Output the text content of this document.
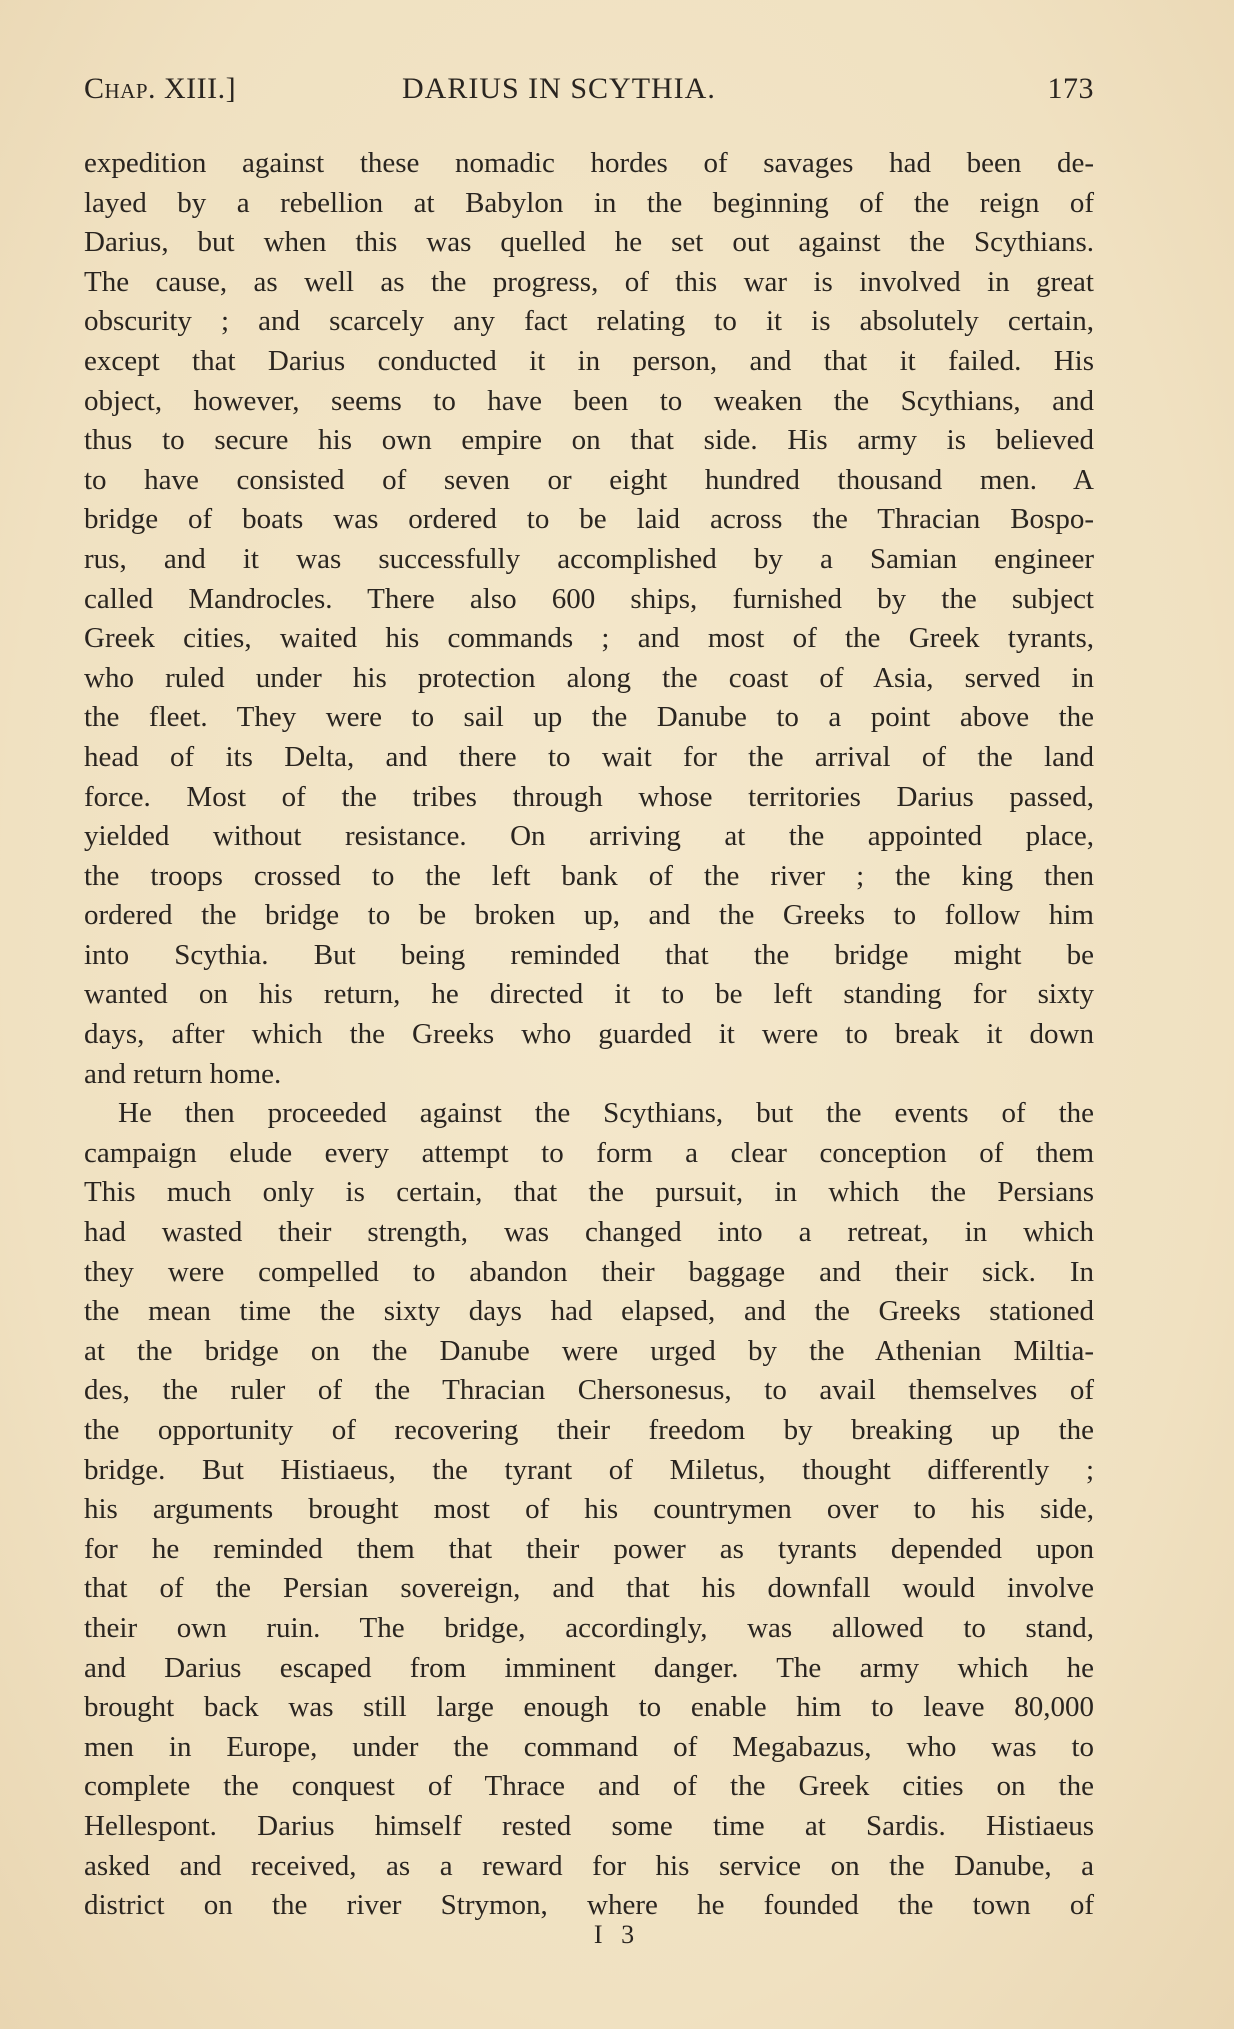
Chap. XIII.]	DARIUS IN SCYTHIA.	173
expedition against these nomadic hordes of savages had been de-
layed by a rebellion at Babylon in the beginning of the reign of
Darius, but when this was quelled he set out against the Scythians.
The cause, as well as the progress, of this war is involved in great
obscurity ; and scarcely any fact relating to it is absolutely certain,
except that Darius conducted it in person, and that it failed. His
object, however, seems to have been to weaken the Scythians, and
thus to secure his own empire on that side. His army is believed
to have consisted of seven or eight hundred thousand men. A
bridge of boats was ordered to be laid across the Thracian Bospo-
rus, and it was successfully accomplished by a Samian engineer
called Mandrocles. There also 600 ships, furnished by the subject
Greek cities, waited his commands ; and most of the Greek tyrants,
who ruled under his protection along the coast of Asia, served in
the fleet. They were to sail up the Danube to a point above the
head of its Delta, and there to wait for the arrival of the land
force. Most of the tribes through whose territories Darius passed,
yielded without resistance. On arriving at the appointed place,
the troops crossed to the left bank of the river ; the king then
ordered the bridge to be broken up, and the Greeks to follow him
into Scythia. But being reminded that the bridge might be
wanted on his return, he directed it to be left standing for sixty
days, after which the Greeks who guarded it were to break it down
and return home.
He then proceeded against the Scythians, but the events of the
campaign elude every attempt to form a clear conception of them
This much only is certain, that the pursuit, in which the Persians
had wasted their strength, was changed into a retreat, in which
they were compelled to abandon their baggage and their sick. In
the mean time the sixty days had elapsed, and the Greeks stationed
at the bridge on the Danube were urged by the Athenian Miltia-
des, the ruler of the Thracian Chersonesus, to avail themselves of
the opportunity of recovering their freedom by breaking up the
bridge. But Histiaeus, the tyrant of Miletus, thought differently ;
his arguments brought most of his countrymen over to his side,
for he reminded them that their power as tyrants depended upon
that of the Persian sovereign, and that his downfall would involve
their own ruin. The bridge, accordingly, was allowed to stand,
and Darius escaped from imminent danger. The army which he
brought back was still large enough to enable him to leave 80,000
men in Europe, under the command of Megabazus, who was to
complete the conquest of Thrace and of the Greek cities on the
Hellespont. Darius himself rested some time at Sardis. Histiaeus
asked and received, as a reward for his service on the Danube, a
district on the river Strymon, where he founded the town of
I 3
